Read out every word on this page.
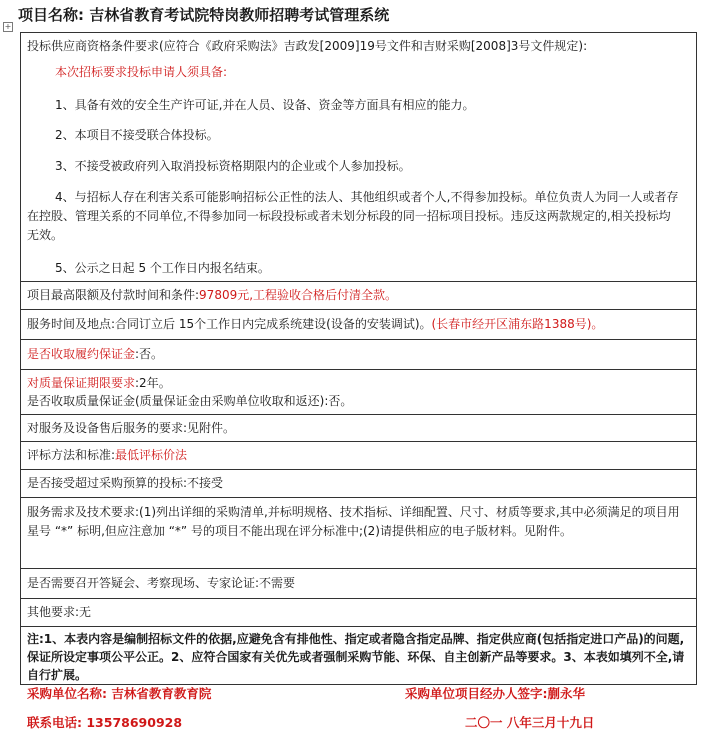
项目名称: 吉林省教育考试院特岗教师招聘考试管理系统
+

投标供应商资格条件要求(应符合《政府采购法》吉政发[2009]19号文件和吉财采购[2008]3号文件规定):

本次招标要求投标申请人须具备:

1、具备有效的安全生产许可证,并在人员、设备、资金等方面具有相应的能力。

2、本项目不接受联合体投标。

3、不接受被政府列入取消投标资格期限内的企业或个人参加投标。

4、与招标人存在利害关系可能影响招标公正性的法人、其他组织或者个人,不得参加投标。单位负责人为同一人或者存在控股、管理关系的不同单位,不得参加同一标段投标或者未划分标段的同一招标项目投标。违反这两款规定的,相关投标均无效。

5、公示之日起 5 个工作日内报名结束。

项目最高限额及付款时间和条件:97809元,工程验收合格后付清全款。

服务时间及地点:合同订立后 15个工作日内完成系统建设(设备的安装调试)。(长春市经开区浦东路1388号)。

是否收取履约保证金:否。

对质量保证期限要求:2年。

是否收取质量保证金(质量保证金由采购单位收取和返还):否。

对服务及设备售后服务的要求:见附件。

评标方法和标准:最低评标价法

是否接受超过采购预算的投标:不接受

服务需求及技术要求:(1)列出详细的采购清单,并标明规格、技术指标、详细配置、尺寸、材质等要求,其中必须满足的项目用星号 “*” 标明,但应注意加 “*” 号的项目不能出现在评分标准中;(2)请提供相应的电子版材料。见附件。

是否需要召开答疑会、考察现场、专家论证:不需要

其他要求:无

注:1、本表内容是编制招标文件的依据,应避免含有排他性、指定或者隐含指定品牌、指定供应商(包括指定进口产品)的问题,保证所设定事项公平公正。2、应符合国家有关优先或者强制采购节能、环保、自主创新产品等要求。3、本表如填列不全,请自行扩展。

采购单位名称: 吉林省教育教育院	采购单位项目经办人签字:蒯永华
联系电话: 13578690928	二〇一 八年三月十九日
